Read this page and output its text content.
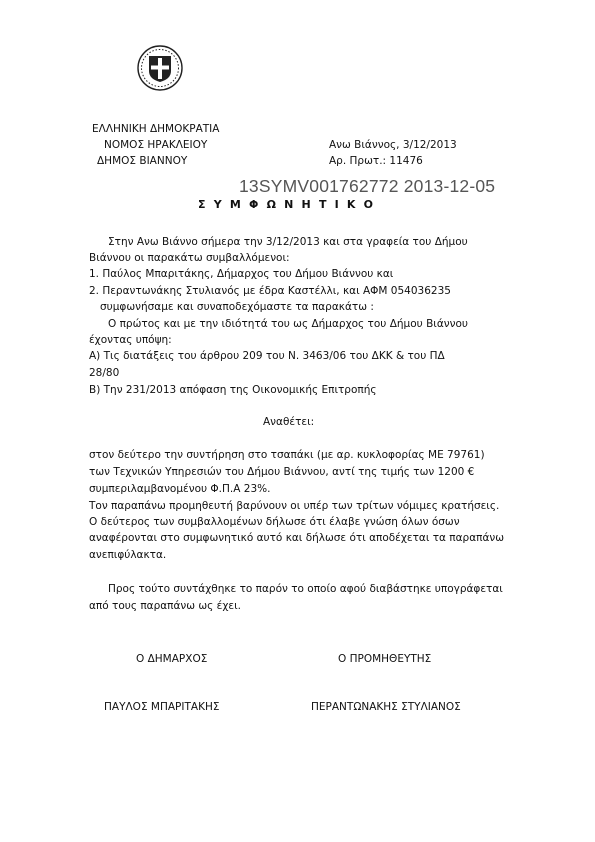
ΕΛΛΗΝΙΚΗ ΔΗΜΟΚΡΑΤΙΑ
ΝΟΜΟΣ ΗΡΑΚΛΕΙΟΥ
ΔΗΜΟΣ ΒΙΑΝΝΟΥ
Ανω Βιάννος, 3/12/2013
Αρ. Πρωτ.: 11476
13SYMV001762772 2013-12-05
ΣΥΜΦΩΝΗΤΙΚΟ
Στην Ανω Βιάννο σήμερα την 3/12/2013 και στα γραφεία του Δήμου
Βιάννου οι παρακάτω συμβαλλόμενοι:
1. Παύλος Μπαριτάκης, Δήμαρχος του Δήμου Βιάννου και
2. Περαντωνάκης Στυλιανός με έδρα Καστέλλι, και ΑΦΜ 054036235
συμφωνήσαμε και συναποδεχόμαστε τα παρακάτω :
Ο πρώτος και με την ιδιότητά του ως Δήμαρχος του Δήμου Βιάννου
έχοντας υπόψη:
Α) Τις διατάξεις του άρθρου 209 του Ν. 3463/06 του ΔΚΚ & του ΠΔ
28/80
Β) Την 231/2013 απόφαση της Οικονομικής Επιτροπής
Αναθέτει:
στον δεύτερο την συντήρηση στο τσαπάκι (με αρ. κυκλοφορίας ΜΕ 79761)
των Τεχνικών Υπηρεσιών του Δήμου Βιάννου, αντί της τιμής των 1200 €
συμπεριλαμβανομένου Φ.Π.Α 23%.
Τον παραπάνω προμηθευτή βαρύνουν οι υπέρ των τρίτων νόμιμες κρατήσεις.
Ο δεύτερος των συμβαλλομένων δήλωσε ότι έλαβε γνώση όλων όσων
αναφέρονται στο συμφωνητικό αυτό και δήλωσε ότι αποδέχεται τα παραπάνω
ανεπιφύλακτα.
Προς τούτο συντάχθηκε το παρόν το οποίο αφού διαβάστηκε υπογράφεται
από τους παραπάνω ως έχει.
Ο ΔΗΜΑΡΧΟΣ	Ο ΠΡΟΜΗΘΕΥΤΗΣ
ΠΑΥΛΟΣ ΜΠΑΡΙΤΑΚΗΣ	ΠΕΡΑΝΤΩΝΑΚΗΣ ΣΤΥΛΙΑΝΟΣ
